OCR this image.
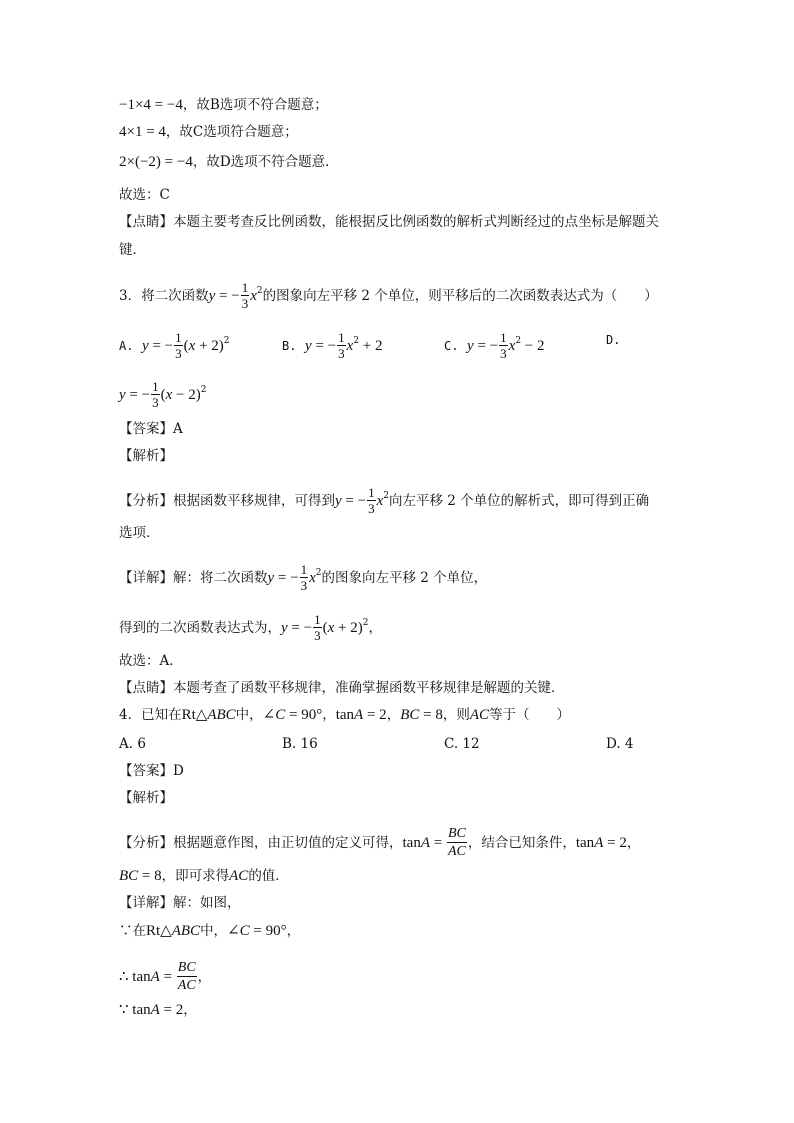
−1×4 = −4，故B选项不符合题意；
4×1 = 4，故C选项符合题意；
2×(−2) = −4，故D选项不符合题意．
故选：C
【点睛】本题主要考查反比例函数，能根据反比例函数的解析式判断经过的点坐标是解题关
键．
3．将二次函数y = − $\frac{1}{3} x^2$的图象向左平移 2 个单位，则平移后的二次函数表达式为（　　）
A. y = − $\frac{1}{3} (x + 2)^2$	B. y = − $\frac{1}{3} x^2 + 2$	C. y = − $\frac{1}{3} x^2 - 2$	D.
y = − $\frac{1}{3} (x - 2)^2$
【答案】A
【解析】
【分析】根据函数平移规律，可得到y = − $\frac{1}{3} x^2$向左平移 2 个单位的解析式，即可得到正确
选项．
【详解】解：将二次函数y = − $\frac{1}{3} x^2$的图象向左平移 2 个单位，
得到的二次函数表达式为，y = − $\frac{1}{3} (x + 2)^2$，
故选：A．
【点睛】本题考查了函数平移规律，准确掌握函数平移规律是解题的关键．
4．已知在Rt△ABC中，∠C = 90°，tanA = 2，BC = 8，则AC等于（　　）
A. 6	B. 16	C. 12	D. 4
【答案】D
【解析】
【分析】根据题意作图，由正切值的定义可得，$\tan A = \frac{BC}{AC}$ ，结合已知条件，tanA = 2，
BC = 8，即可求得AC的值．
【详解】解：如图，
∵在Rt△ABC中，∠C = 90°，
∴ $\tan A = \frac{BC}{AC}$ ，
∵ tanA = 2，
